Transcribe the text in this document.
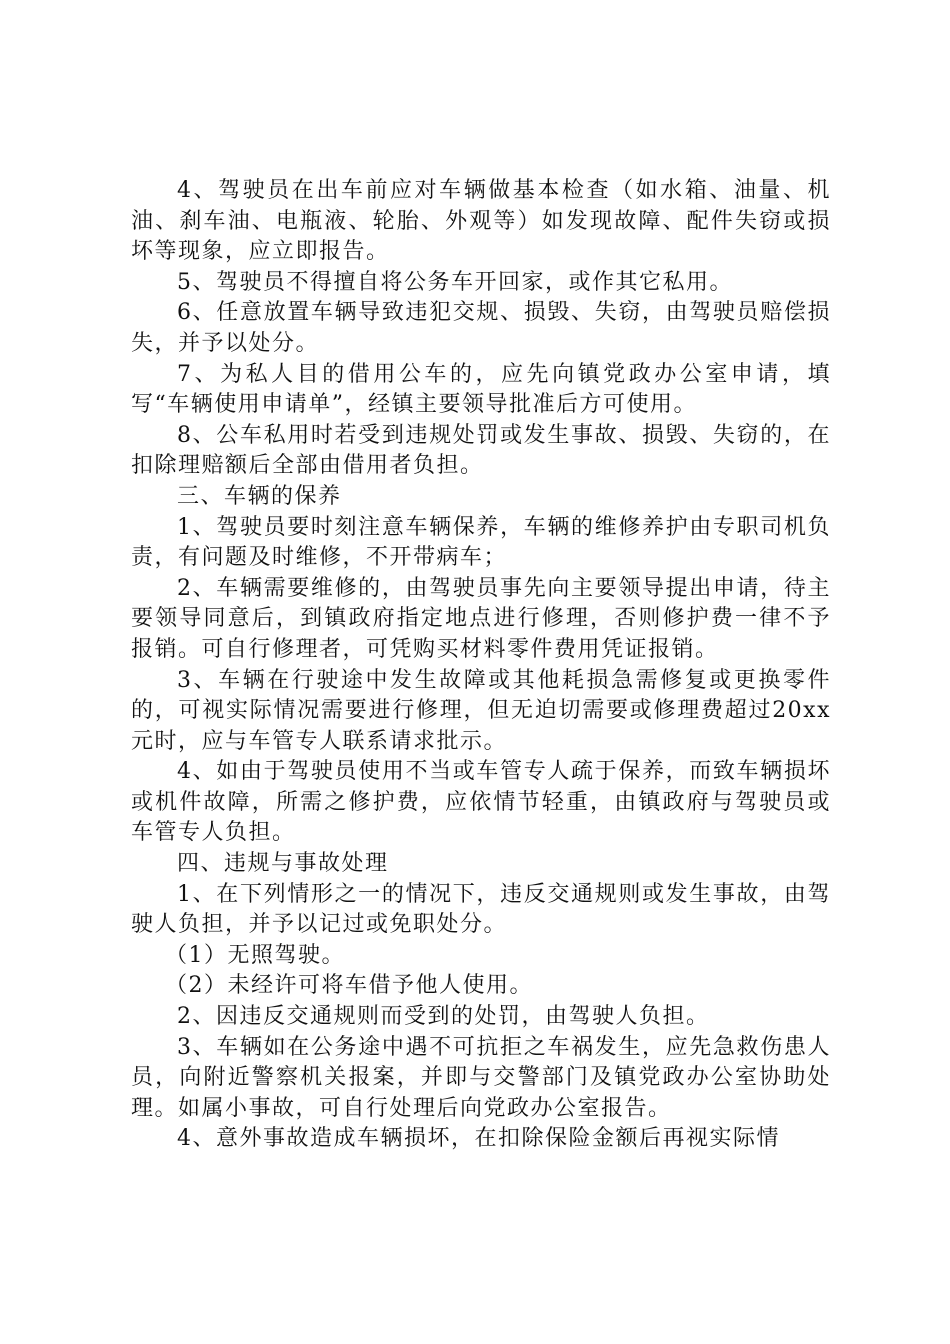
4、驾驶员在出车前应对车辆做基本检查（如水箱、油量、机油、刹车油、电瓶液、轮胎、外观等）如发现故障、配件失窃或损坏等现象，应立即报告。

5、驾驶员不得擅自将公务车开回家，或作其它私用。

6、任意放置车辆导致违犯交规、损毁、失窃，由驾驶员赔偿损失，并予以处分。

7、为私人目的借用公车的，应先向镇党政办公室申请，填写“车辆使用申请单”，经镇主要领导批准后方可使用。

8、公车私用时若受到违规处罚或发生事故、损毁、失窃的，在扣除理赔额后全部由借用者负担。

三、车辆的保养

1、驾驶员要时刻注意车辆保养，车辆的维修养护由专职司机负责，有问题及时维修，不开带病车；

2、车辆需要维修的，由驾驶员事先向主要领导提出申请，待主要领导同意后，到镇政府指定地点进行修理，否则修护费一律不予报销。可自行修理者，可凭购买材料零件费用凭证报销。

3、车辆在行驶途中发生故障或其他耗损急需修复或更换零件的，可视实际情况需要进行修理，但无迫切需要或修理费超过20xx元时，应与车管专人联系请求批示。

4、如由于驾驶员使用不当或车管专人疏于保养，而致车辆损坏或机件故障，所需之修护费，应依情节轻重，由镇政府与驾驶员或车管专人负担。

四、违规与事故处理

1、在下列情形之一的情况下，违反交通规则或发生事故，由驾驶人负担，并予以记过或免职处分。

（1）无照驾驶。

（2）未经许可将车借予他人使用。

2、因违反交通规则而受到的处罚，由驾驶人负担。

3、车辆如在公务途中遇不可抗拒之车祸发生，应先急救伤患人员，向附近警察机关报案，并即与交警部门及镇党政办公室协助处理。如属小事故，可自行处理后向党政办公室报告。

4、意外事故造成车辆损坏，在扣除保险金额后再视实际情
